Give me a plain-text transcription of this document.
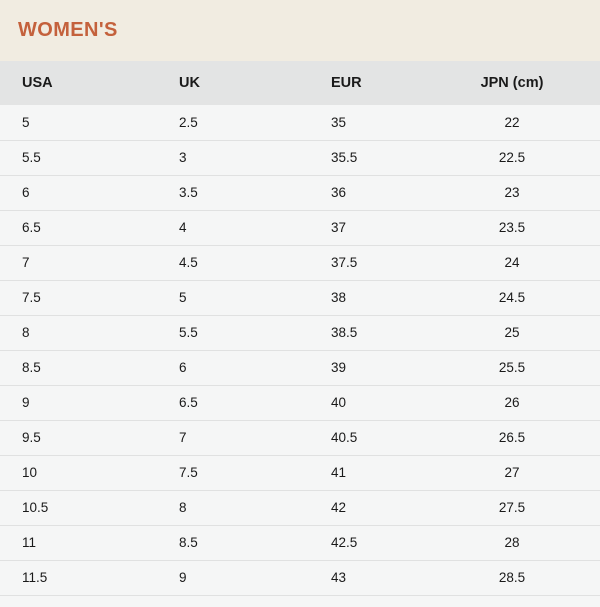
WOMEN'S
USA	UK	EUR	JPN (cm)
5	2.5	35	22
5.5	3	35.5	22.5
6	3.5	36	23
6.5	4	37	23.5
7	4.5	37.5	24
7.5	5	38	24.5
8	5.5	38.5	25
8.5	6	39	25.5
9	6.5	40	26
9.5	7	40.5	26.5
10	7.5	41	27
10.5	8	42	27.5
11	8.5	42.5	28
11.5	9	43	28.5
